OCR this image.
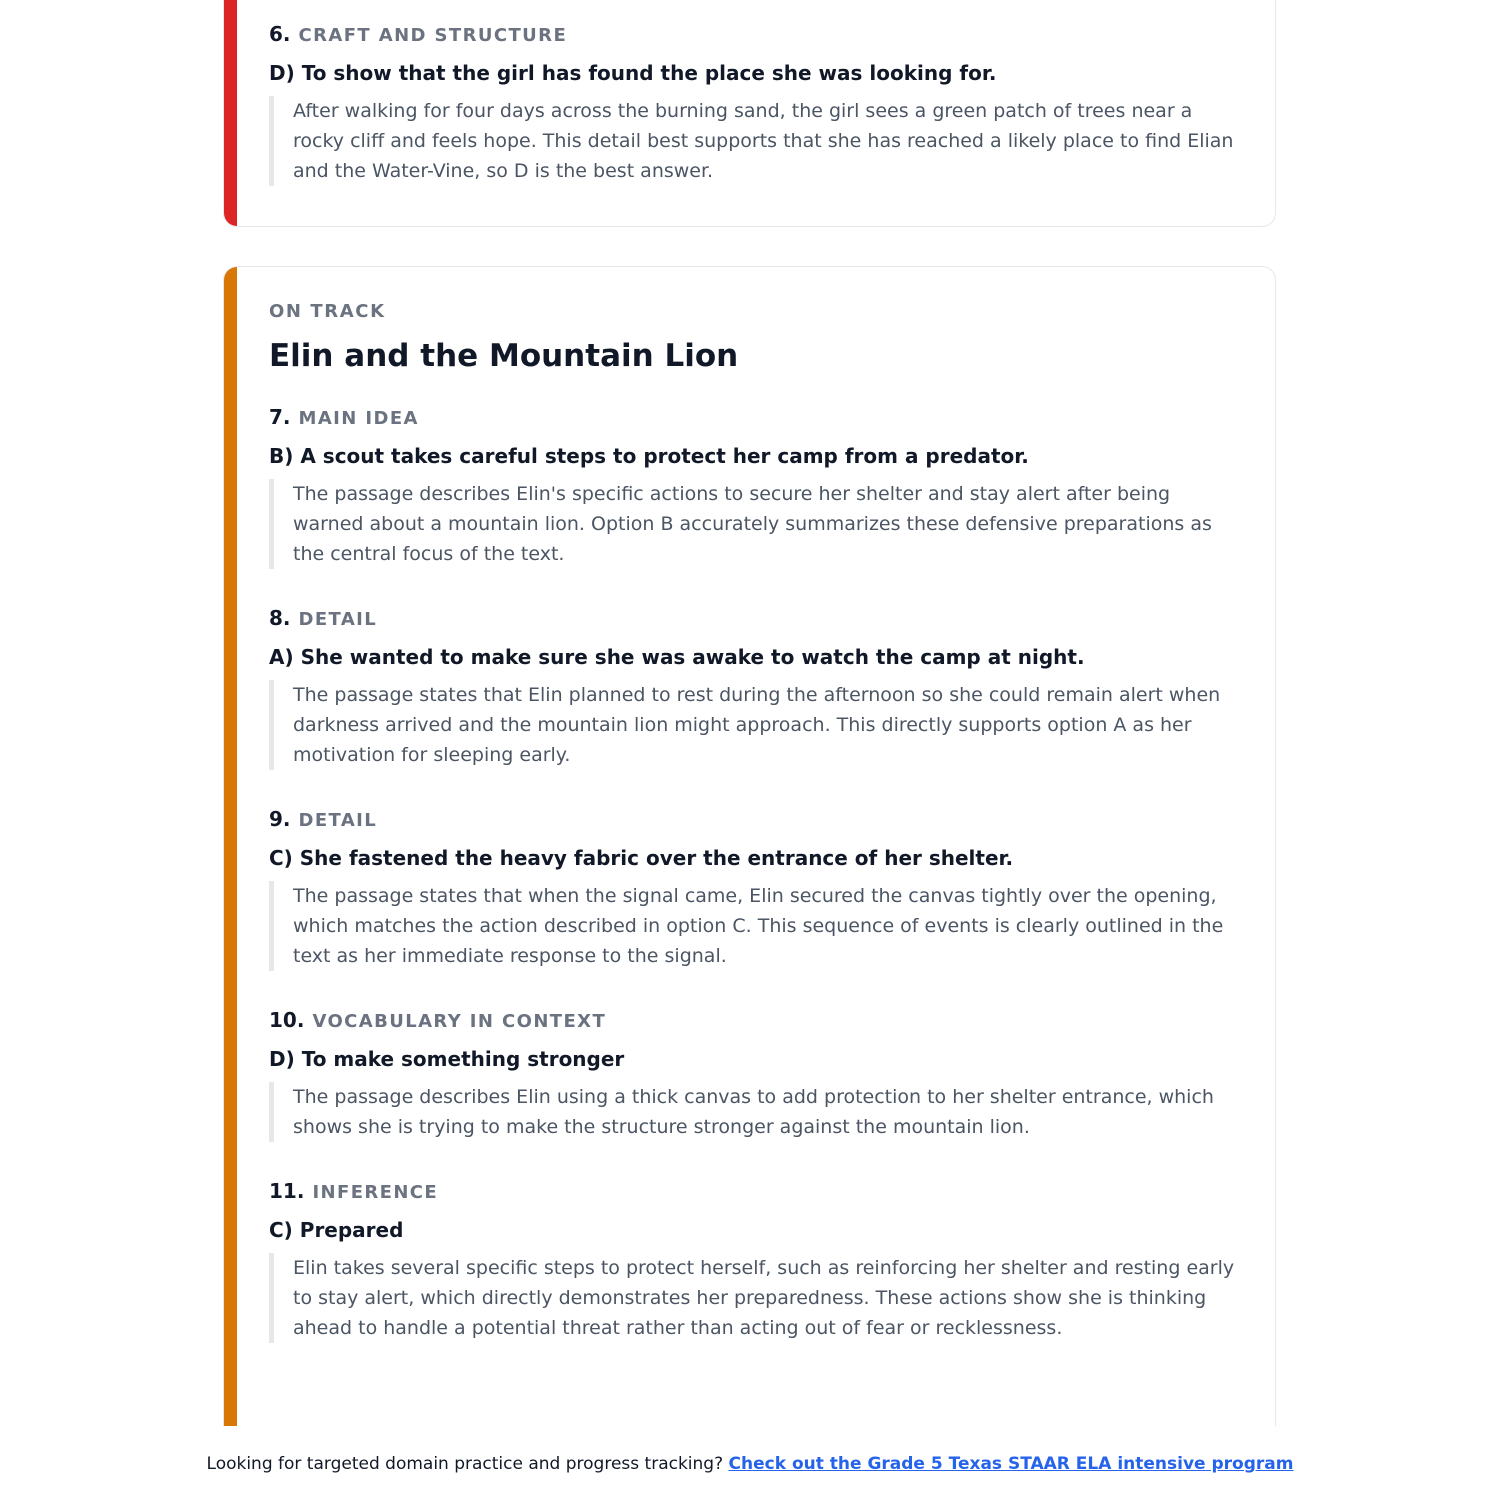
6. CRAFT AND STRUCTURE
D) To show that the girl has found the place she was looking for.

After walking for four days across the burning sand, the girl sees a green patch of trees near a rocky cliff and feels hope. This detail best supports that she has reached a likely place to find Elian and the Water-Vine, so D is the best answer.

ON TRACK
Elin and the Mountain Lion
7. MAIN IDEA
B) A scout takes careful steps to protect her camp from a predator.

The passage describes Elin's specific actions to secure her shelter and stay alert after being warned about a mountain lion. Option B accurately summarizes these defensive preparations as the central focus of the text.

8. DETAIL
A) She wanted to make sure she was awake to watch the camp at night.

The passage states that Elin planned to rest during the afternoon so she could remain alert when darkness arrived and the mountain lion might approach. This directly supports option A as her motivation for sleeping early.

9. DETAIL
C) She fastened the heavy fabric over the entrance of her shelter.

The passage states that when the signal came, Elin secured the canvas tightly over the opening, which matches the action described in option C. This sequence of events is clearly outlined in the text as her immediate response to the signal.

10. VOCABULARY IN CONTEXT
D) To make something stronger

The passage describes Elin using a thick canvas to add protection to her shelter entrance, which shows she is trying to make the structure stronger against the mountain lion.

11. INFERENCE
C) Prepared

Elin takes several specific steps to protect herself, such as reinforcing her shelter and resting early to stay alert, which directly demonstrates her preparedness. These actions show she is thinking ahead to handle a potential threat rather than acting out of fear or recklessness.

Looking for targeted domain practice and progress tracking? Check out the Grade 5 Texas STAAR ELA intensive program
